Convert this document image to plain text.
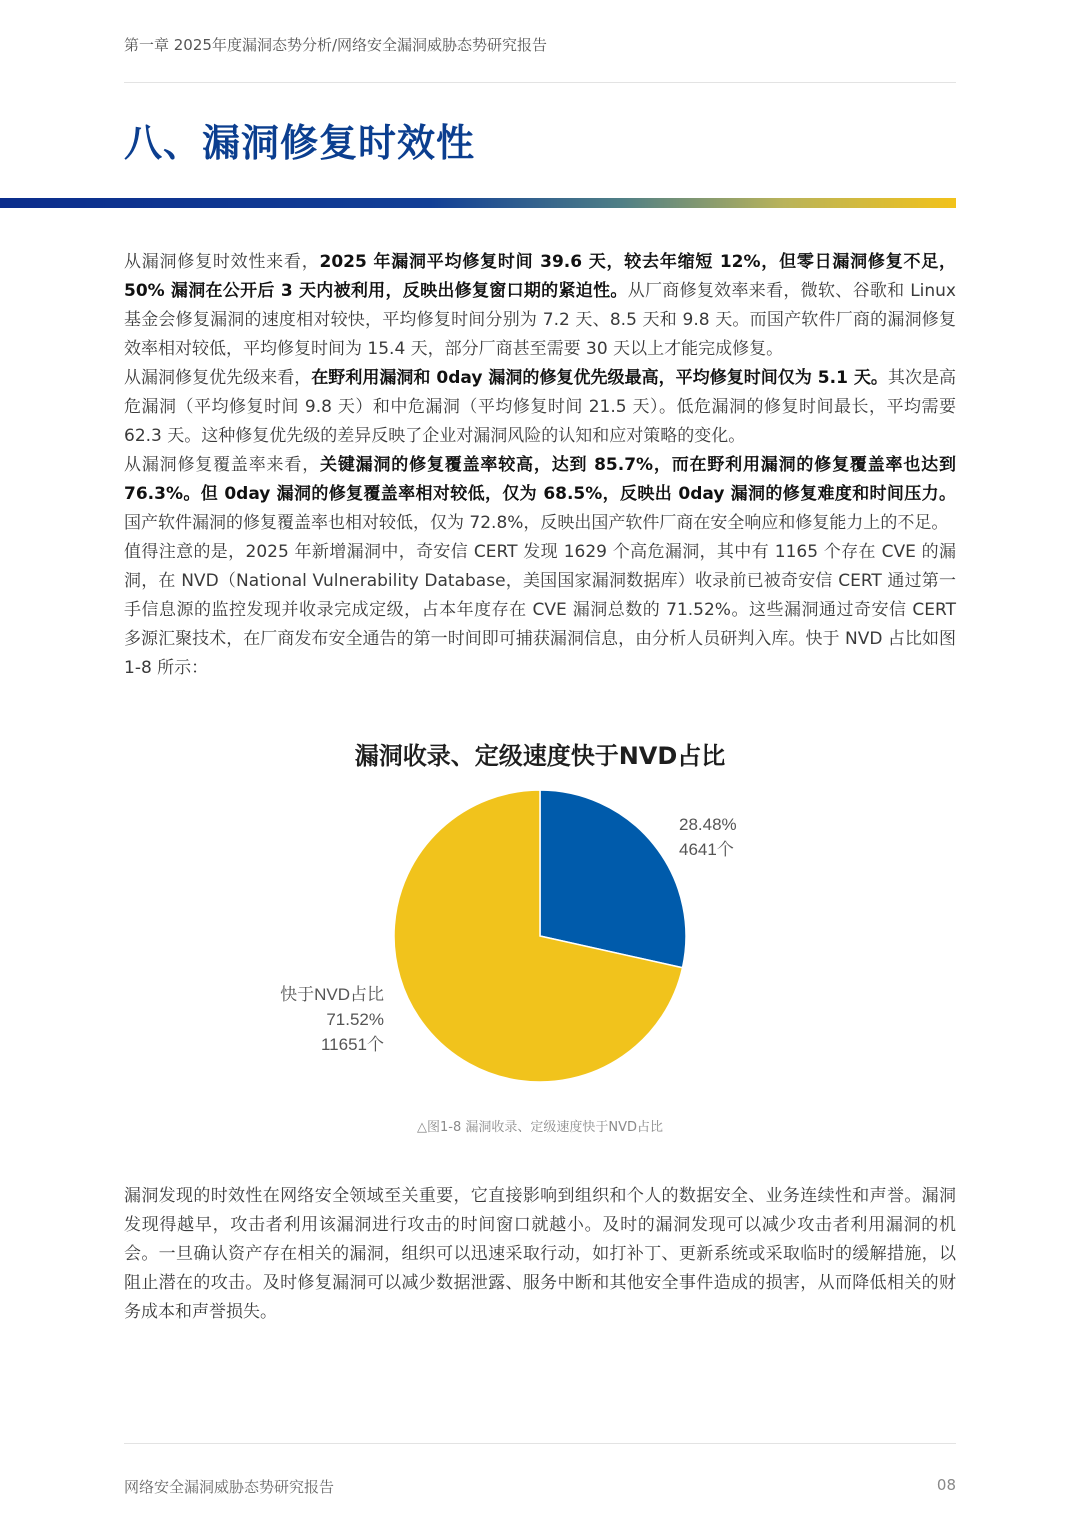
第一章 2025年度漏洞态势分析/网络安全漏洞威胁态势研究报告
八、漏洞修复时效性

从漏洞修复时效性来看，2025 年漏洞平均修复时间 39.6 天，较去年缩短 12%，但零日漏洞修复不足，50% 漏洞在公开后 3 天内被利用，反映出修复窗口期的紧迫性。从厂商修复效率来看，微软、谷歌和 Linux 基金会修复漏洞的速度相对较快，平均修复时间分别为 7.2 天、8.5 天和 9.8 天。而国产软件厂商的漏洞修复效率相对较低，平均修复时间为 15.4 天，部分厂商甚至需要 30 天以上才能完成修复。

从漏洞修复优先级来看，在野利用漏洞和 0day 漏洞的修复优先级最高，平均修复时间仅为 5.1 天。其次是高危漏洞（平均修复时间 9.8 天）和中危漏洞（平均修复时间 21.5 天）。低危漏洞的修复时间最长，平均需要 62.3 天。这种修复优先级的差异反映了企业对漏洞风险的认知和应对策略的变化。

从漏洞修复覆盖率来看，关键漏洞的修复覆盖率较高，达到 85.7%，而在野利用漏洞的修复覆盖率也达到 76.3%。但 0day 漏洞的修复覆盖率相对较低，仅为 68.5%，反映出 0day 漏洞的修复难度和时间压力。国产软件漏洞的修复覆盖率也相对较低，仅为 72.8%，反映出国产软件厂商在安全响应和修复能力上的不足。

值得注意的是，2025 年新增漏洞中，奇安信 CERT 发现 1629 个高危漏洞，其中有 1165 个存在 CVE 的漏洞，在 NVD（National Vulnerability Database，美国国家漏洞数据库）收录前已被奇安信 CERT 通过第一手信息源的监控发现并收录完成定级，占本年度存在 CVE 漏洞总数的 71.52%。这些漏洞通过奇安信 CERT 多源汇聚技术，在厂商发布安全通告的第一时间即可捕获漏洞信息，由分析人员研判入库。快于 NVD 占比如图 1-8 所示：

漏洞收录、定级速度快于NVD占比
28.48%
4641个
快于NVD占比
71.52%
11651个
△图1-8 漏洞收录、定级速度快于NVD占比

漏洞发现的时效性在网络安全领域至关重要，它直接影响到组织和个人的数据安全、业务连续性和声誉。漏洞发现得越早，攻击者利用该漏洞进行攻击的时间窗口就越小。及时的漏洞发现可以减少攻击者利用漏洞的机会。一旦确认资产存在相关的漏洞，组织可以迅速采取行动，如打补丁、更新系统或采取临时的缓解措施，以阻止潜在的攻击。及时修复漏洞可以减少数据泄露、服务中断和其他安全事件造成的损害，从而降低相关的财务成本和声誉损失。

网络安全漏洞威胁态势研究报告	08
